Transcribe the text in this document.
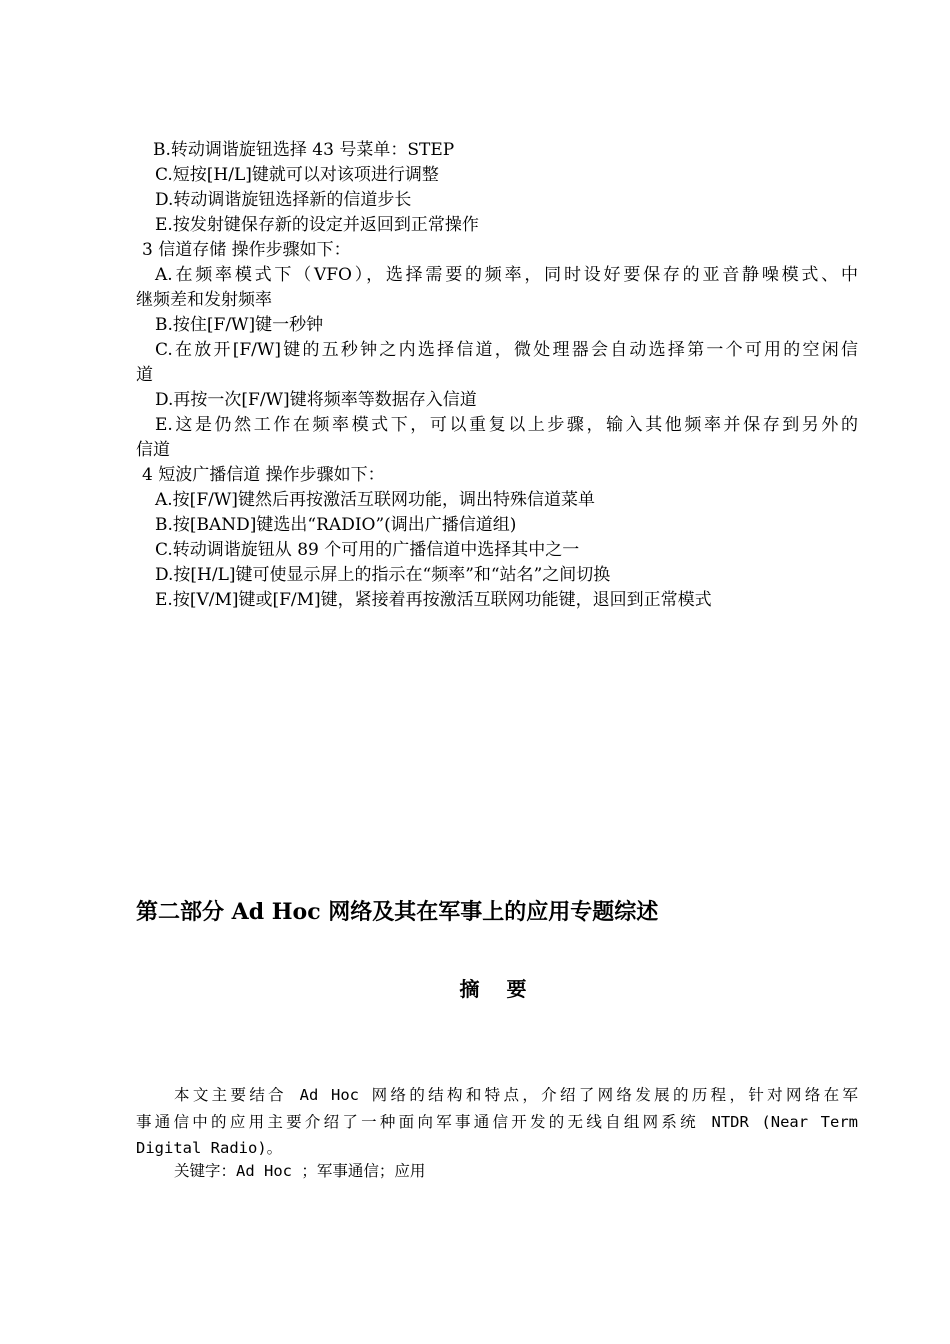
B.转动调谐旋钮选择 43 号菜单：STEP
C.短按[H/L]键就可以对该项进行调整
D.转动调谐旋钮选择新的信道步长
E.按发射键保存新的设定并返回到正常操作
3 信道存储 操作步骤如下：
A.在频率模式下（VFO），选择需要的频率，同时设好要保存的亚音静噪模式、中
继频差和发射频率
B.按住[F/W]键一秒钟
C.在放开[F/W]键的五秒钟之内选择信道，微处理器会自动选择第一个可用的空闲信
道
D.再按一次[F/W]键将频率等数据存入信道
E.这是仍然工作在频率模式下，可以重复以上步骤，输入其他频率并保存到另外的
信道
4 短波广播信道 操作步骤如下：
A.按[F/W]键然后再按激活互联网功能，调出特殊信道菜单
B.按[BAND]键选出“RADIO”(调出广播信道组)
C.转动调谐旋钮从 89 个可用的广播信道中选择其中之一
D.按[H/L]键可使显示屏上的指示在“频率”和“站名”之间切换
E.按[V/M]键或[F/M]键，紧接着再按激活互联网功能键，退回到正常模式
第二部分 Ad Hoc 网络及其在军事上的应用专题综述
摘 要
本文主要结合 Ad Hoc 网络的结构和特点，介绍了网络发展的历程，针对网络在军
事通信中的应用主要介绍了一种面向军事通信开发的无线自组网系统 NTDR (Near Term
Digital Radio)。
关键字：Ad Hoc ；军事通信；应用
